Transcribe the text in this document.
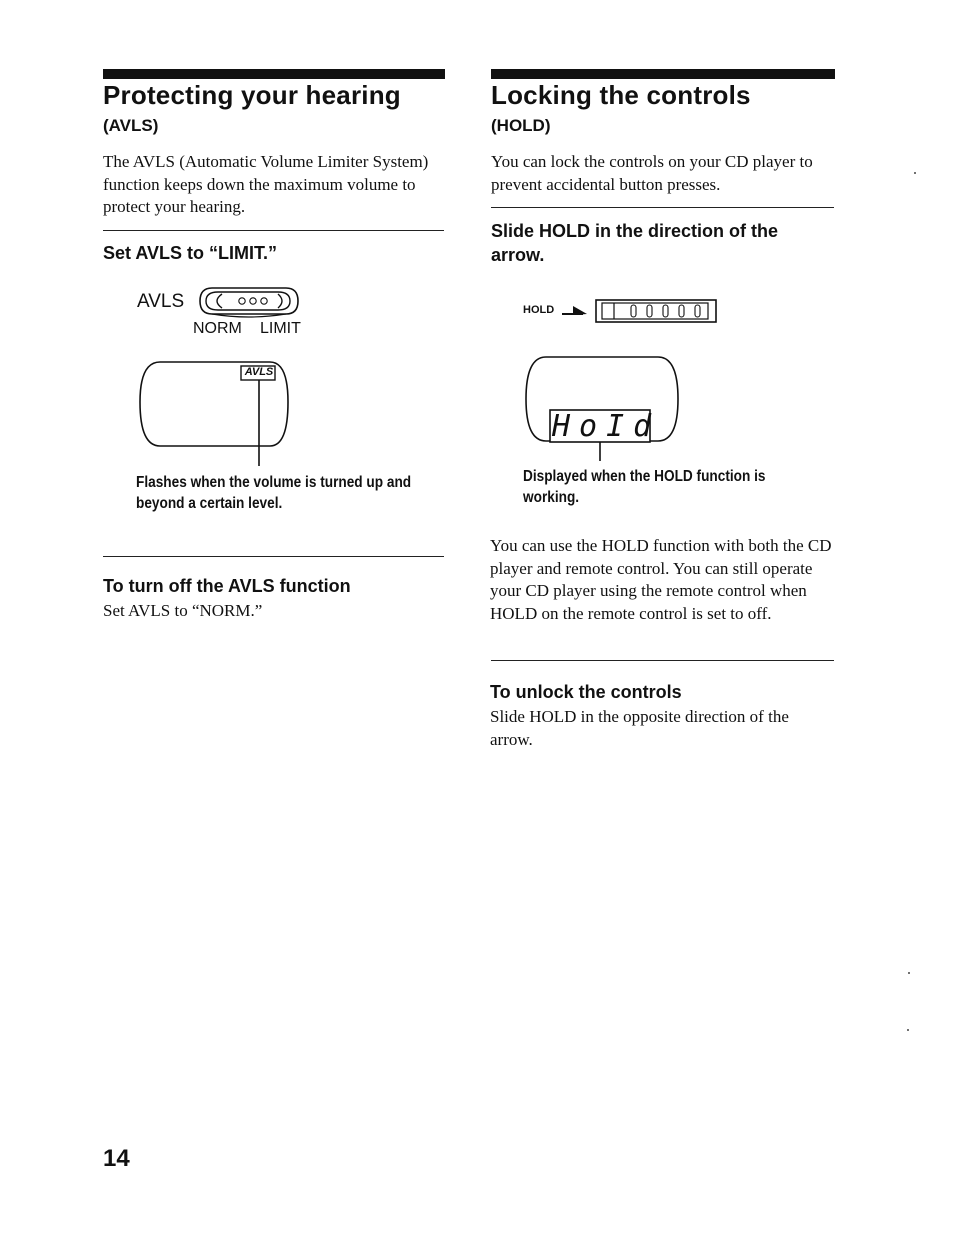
Protecting your hearing
(AVLS)
The AVLS (Automatic Volume Limiter System) function keeps down the maximum volume to protect your hearing.
Set AVLS to “LIMIT.”
AVLS
NORM LIMIT
AVLS
Flashes when the volume is turned up and beyond a certain level.
To turn off the AVLS function
Set AVLS to “NORM.”
Locking the controls
(HOLD)
You can lock the controls on your CD player to prevent accidental button presses.
Slide HOLD in the direction of the arrow.
HOLD
HoId
Displayed when the HOLD function is working.
You can use the HOLD function with both the CD player and remote control. You can still operate your CD player using the remote control when HOLD on the remote control is set to off.
To unlock the controls
Slide HOLD in the opposite direction of the arrow.
14
